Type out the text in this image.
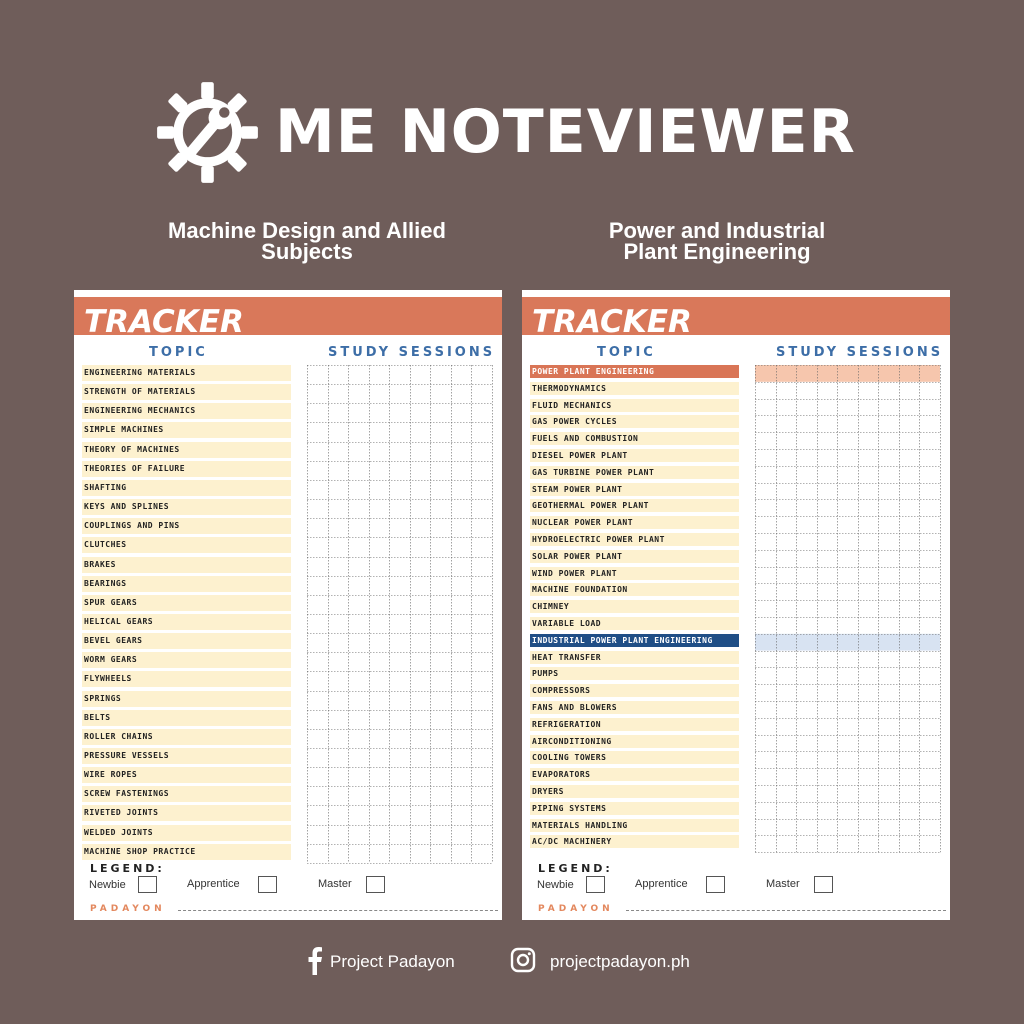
ME NOTEVIEWER
Machine Design and Allied
Subjects
Power and Industrial
Plant Engineering
TRACKER
TOPIC	STUDY SESSIONS
ENGINEERING MATERIALS
STRENGTH OF MATERIALS
ENGINEERING MECHANICS
SIMPLE MACHINES
THEORY OF MACHINES
THEORIES OF FAILURE
SHAFTING
KEYS AND SPLINES
COUPLINGS AND PINS
CLUTCHES
BRAKES
BEARINGS
SPUR GEARS
HELICAL GEARS
BEVEL GEARS
WORM GEARS
FLYWHEELS
SPRINGS
BELTS
ROLLER CHAINS
PRESSURE VESSELS
WIRE ROPES
SCREW FASTENINGS
RIVETED JOINTS
WELDED JOINTS
MACHINE SHOP PRACTICE
LEGEND:
Newbie	Apprentice	Master
PADAYON
TRACKER
TOPIC	STUDY SESSIONS
POWER PLANT ENGINEERING
THERMODYNAMICS
FLUID MECHANICS
GAS POWER CYCLES
FUELS AND COMBUSTION
DIESEL POWER PLANT
GAS TURBINE POWER PLANT
STEAM POWER PLANT
GEOTHERMAL POWER PLANT
NUCLEAR POWER PLANT
HYDROELECTRIC POWER PLANT
SOLAR POWER PLANT
WIND POWER PLANT
MACHINE FOUNDATION
CHIMNEY
VARIABLE LOAD
INDUSTRIAL POWER PLANT ENGINEERING
HEAT TRANSFER
PUMPS
COMPRESSORS
FANS AND BLOWERS
REFRIGERATION
AIRCONDITIONING
COOLING TOWERS
EVAPORATORS
DRYERS
PIPING SYSTEMS
MATERIALS HANDLING
AC/DC MACHINERY
LEGEND:
Newbie	Apprentice	Master
PADAYON
Project Padayon	projectpadayon.ph
